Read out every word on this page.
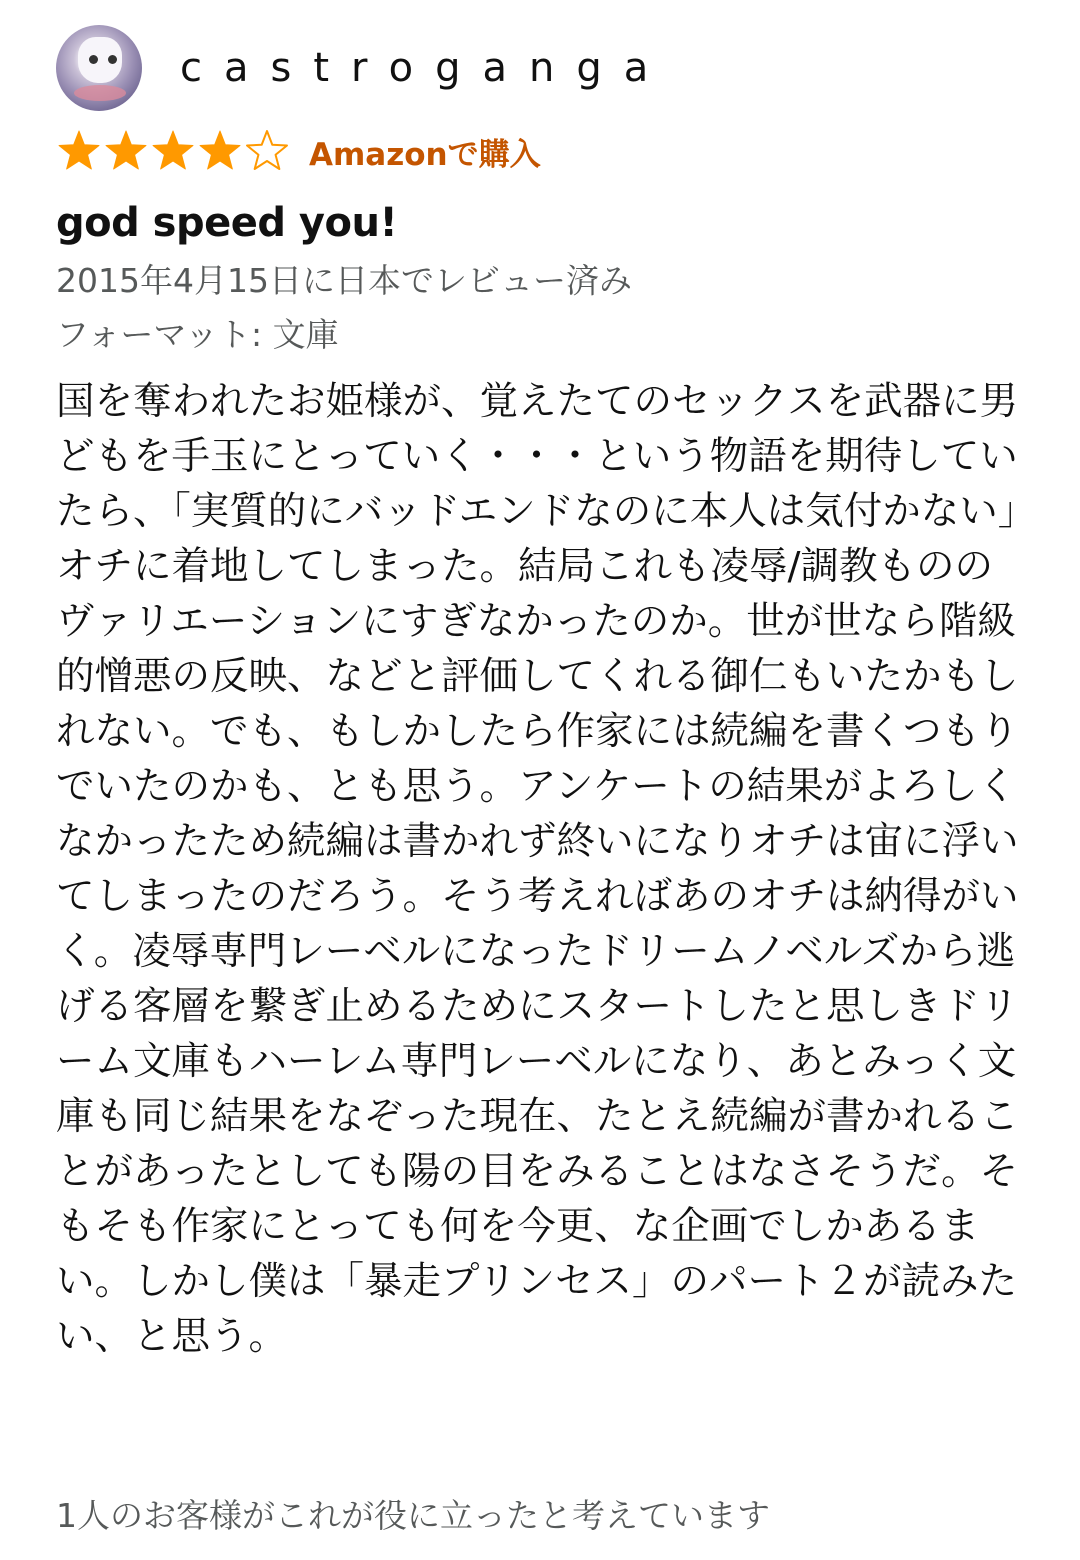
castroganga
Amazonで購入
god speed you!
2015年4月15日に日本でレビュー済み
フォーマット: 文庫
国を奪われたお姫様が、覚えたてのセックスを武器に男どもを手玉にとっていく・・・という物語を期待していたら、「実質的にバッドエンドなのに本人は気付かない」オチに着地してしまった。結局これも凌辱/調教もののヴァリエーションにすぎなかったのか。世が世なら階級的憎悪の反映、などと評価してくれる御仁もいたかもしれない。でも、もしかしたら作家には続編を書くつもりでいたのかも、とも思う。アンケートの結果がよろしくなかったため続編は書かれず終いになりオチは宙に浮いてしまったのだろう。そう考えればあのオチは納得がいく。凌辱専門レーベルになったドリームノベルズから逃げる客層を繋ぎ止めるためにスタートしたと思しきドリーム文庫もハーレム専門レーベルになり、あとみっく文庫も同じ結果をなぞった現在、たとえ続編が書かれることがあったとしても陽の目をみることはなさそうだ。そもそも作家にとっても何を今更、な企画でしかあるまい。しかし僕は「暴走プリンセス」のパート２が読みたい、と思う。
1人のお客様がこれが役に立ったと考えています
